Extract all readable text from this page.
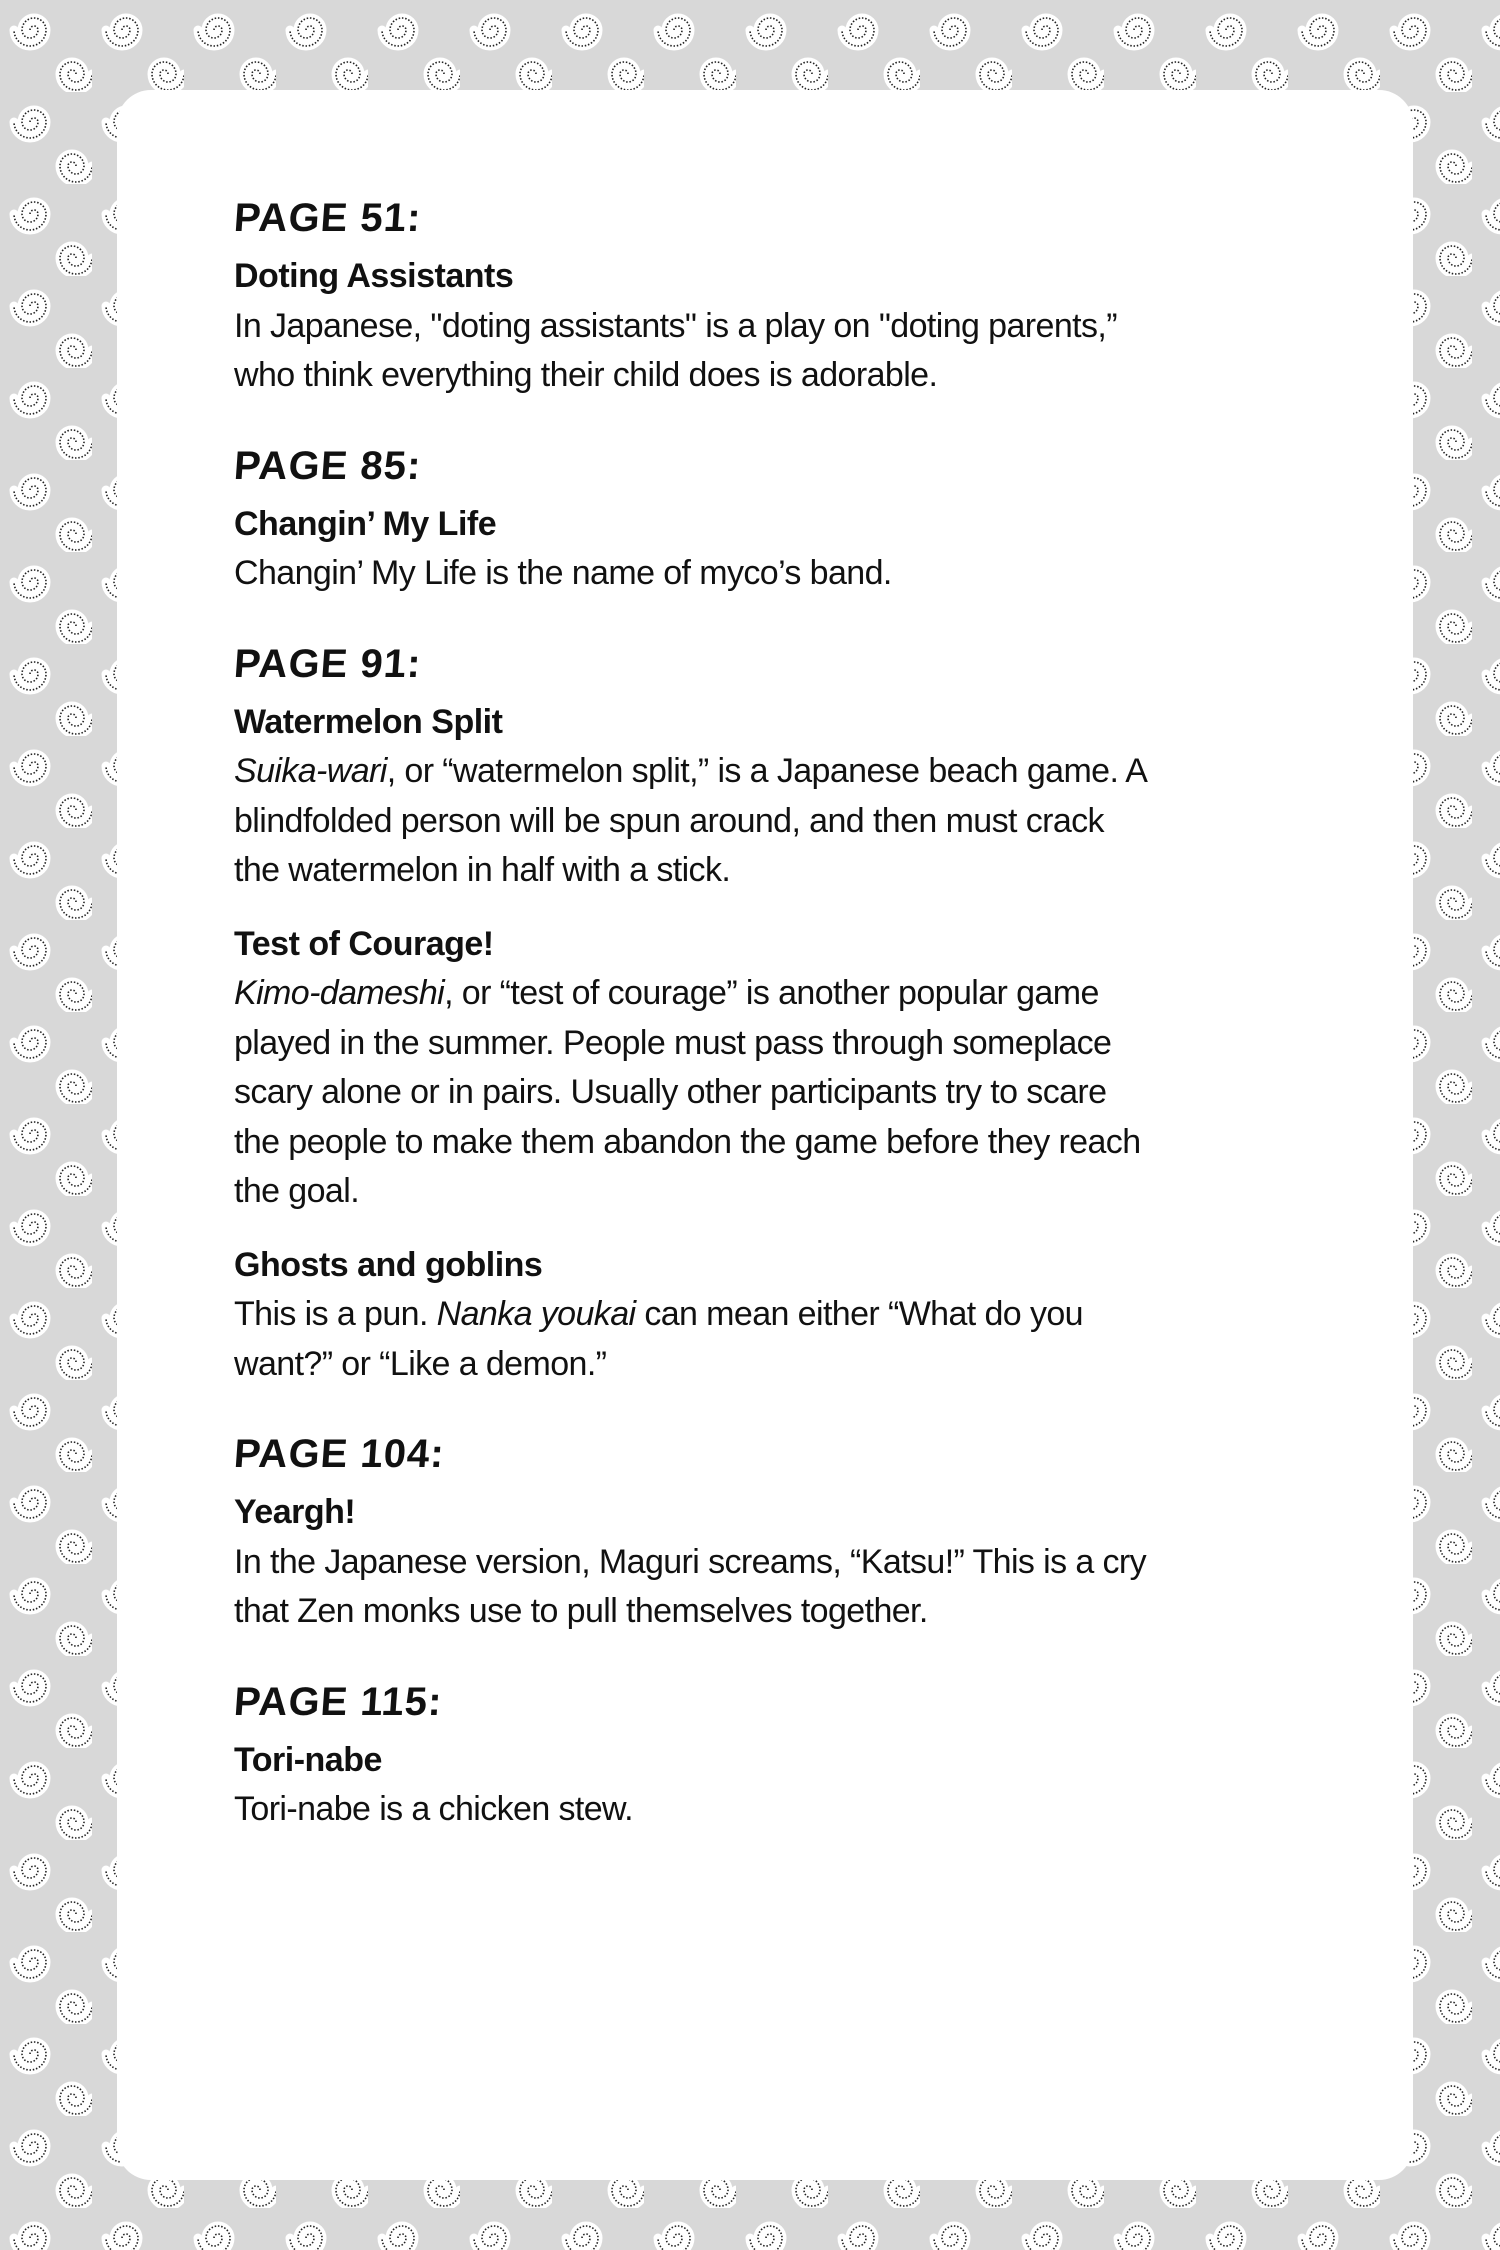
PAGE 51:
Doting Assistants
In Japanese, "doting assistants" is a play on "doting parents,”
who think everything their child does is adorable.
PAGE 85:
Changin’ My Life
Changin’ My Life is the name of myco’s band.
PAGE 91:
Watermelon Split
Suika-wari, or “watermelon split,” is a Japanese beach game. A
blindfolded person will be spun around, and then must crack
the watermelon in half with a stick.
Test of Courage!
Kimo-dameshi, or “test of courage” is another popular game
played in the summer. People must pass through someplace
scary alone or in pairs. Usually other participants try to scare
the people to make them abandon the game before they reach
the goal.
Ghosts and goblins
This is a pun. Nanka youkai can mean either “What do you
want?” or “Like a demon.”
PAGE 104:
Yeargh!
In the Japanese version, Maguri screams, “Katsu!” This is a cry
that Zen monks use to pull themselves together.
PAGE 115:
Tori-nabe
Tori-nabe is a chicken stew.
